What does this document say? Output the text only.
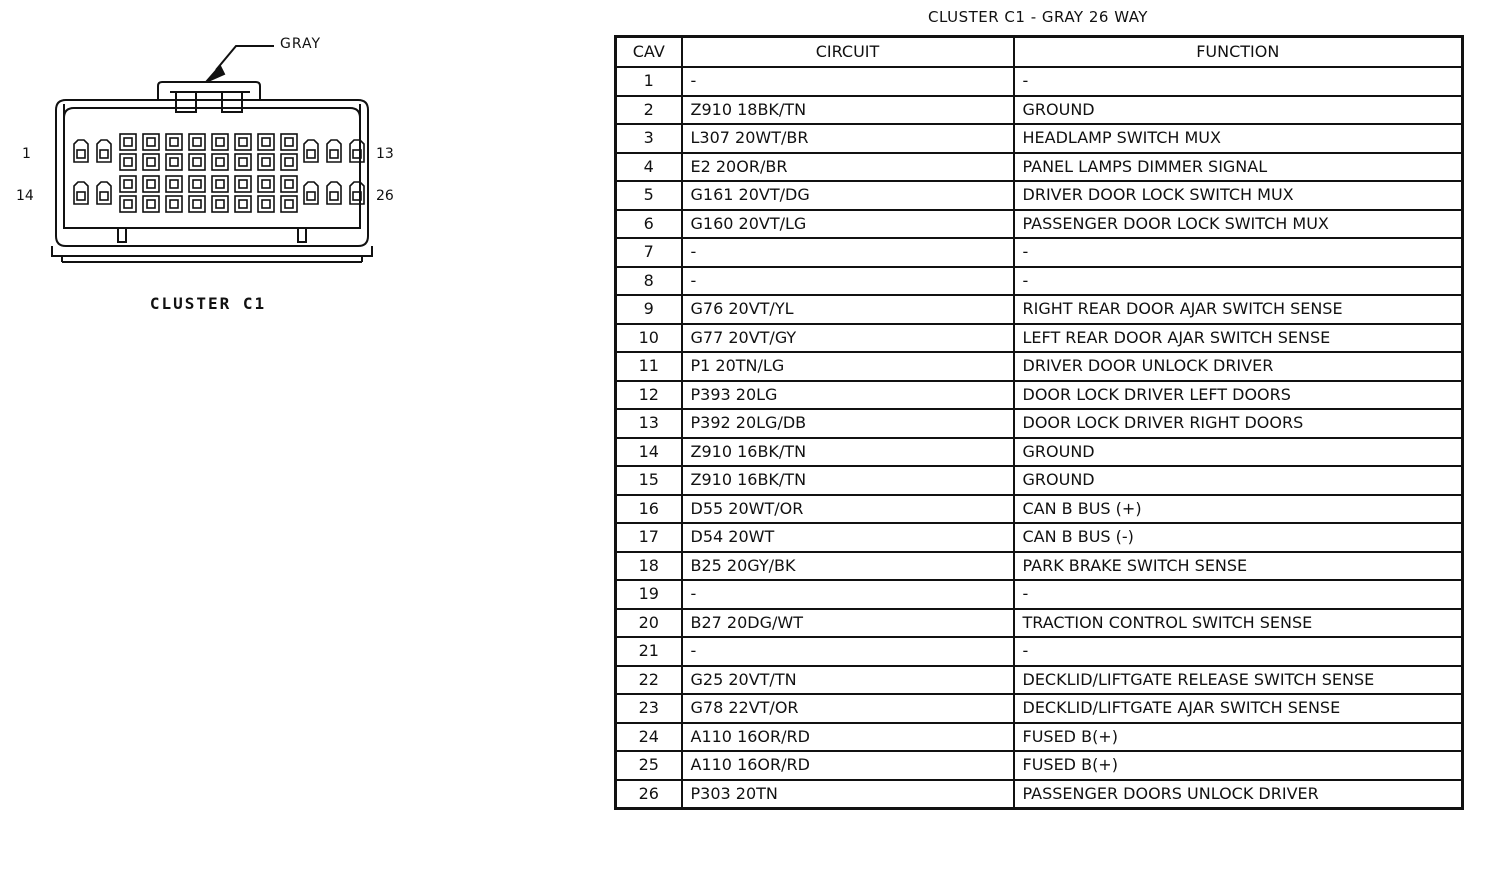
GRAY
1	13
14	26
CLUSTER C1
CLUSTER C1 - GRAY 26 WAY
CAV	CIRCUIT	FUNCTION
1	-	-
2	Z910 18BK/TN	GROUND
3	L307 20WT/BR	HEADLAMP SWITCH MUX
4	E2 20OR/BR	PANEL LAMPS DIMMER SIGNAL
5	G161 20VT/DG	DRIVER DOOR LOCK SWITCH MUX
6	G160 20VT/LG	PASSENGER DOOR LOCK SWITCH MUX
7	-	-
8	-	-
9	G76 20VT/YL	RIGHT REAR DOOR AJAR SWITCH SENSE
10	G77 20VT/GY	LEFT REAR DOOR AJAR SWITCH SENSE
11	P1 20TN/LG	DRIVER DOOR UNLOCK DRIVER
12	P393 20LG	DOOR LOCK DRIVER LEFT DOORS
13	P392 20LG/DB	DOOR LOCK DRIVER RIGHT DOORS
14	Z910 16BK/TN	GROUND
15	Z910 16BK/TN	GROUND
16	D55 20WT/OR	CAN B BUS (+)
17	D54 20WT	CAN B BUS (-)
18	B25 20GY/BK	PARK BRAKE SWITCH SENSE
19	-	-
20	B27 20DG/WT	TRACTION CONTROL SWITCH SENSE
21	-	-
22	G25 20VT/TN	DECKLID/LIFTGATE RELEASE SWITCH SENSE
23	G78 22VT/OR	DECKLID/LIFTGATE AJAR SWITCH SENSE
24	A110 16OR/RD	FUSED B(+)
25	A110 16OR/RD	FUSED B(+)
26	P303 20TN	PASSENGER DOORS UNLOCK DRIVER
